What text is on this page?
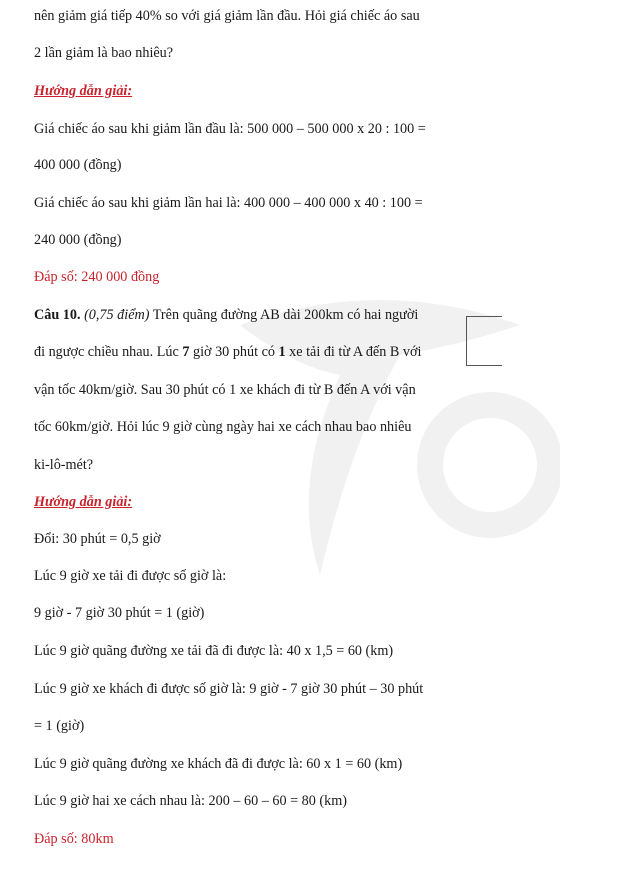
nên giảm giá tiếp 40% so với giá giảm lần đầu. Hỏi giá chiếc áo sau
2 lần giảm là bao nhiêu?
Hướng dẫn giải:
Giá chiếc áo sau khi giảm lần đầu là: 500 000 – 500 000 x 20 : 100 =
400 000 (đồng)
Giá chiếc áo sau khi giảm lần hai là: 400 000 – 400 000 x 40 : 100 =
240 000 (đồng)
Đáp số: 240 000 đồng
Câu 10. (0,75 điểm) Trên quãng đường AB dài 200km có hai người
đi ngược chiều nhau. Lúc 7 giờ 30 phút có 1 xe tải đi từ A đến B với
vận tốc 40km/giờ. Sau 30 phút có 1 xe khách đi từ B đến A với vận
tốc 60km/giờ. Hỏi lúc 9 giờ cùng ngày hai xe cách nhau bao nhiêu
ki-lô-mét?
Hướng dẫn giải:
Đổi: 30 phút = 0,5 giờ
Lúc 9 giờ xe tải đi được số giờ là:
9 giờ - 7 giờ 30 phút = 1 (giờ)
Lúc 9 giờ quãng đường xe tải đã đi được là: 40 x 1,5 = 60 (km)
Lúc 9 giờ xe khách đi được số giờ là: 9 giờ - 7 giờ 30 phút – 30 phút
= 1 (giờ)
Lúc 9 giờ quãng đường xe khách đã đi được là: 60 x 1 = 60 (km)
Lúc 9 giờ hai xe cách nhau là: 200 – 60 – 60 = 80 (km)
Đáp số: 80km
